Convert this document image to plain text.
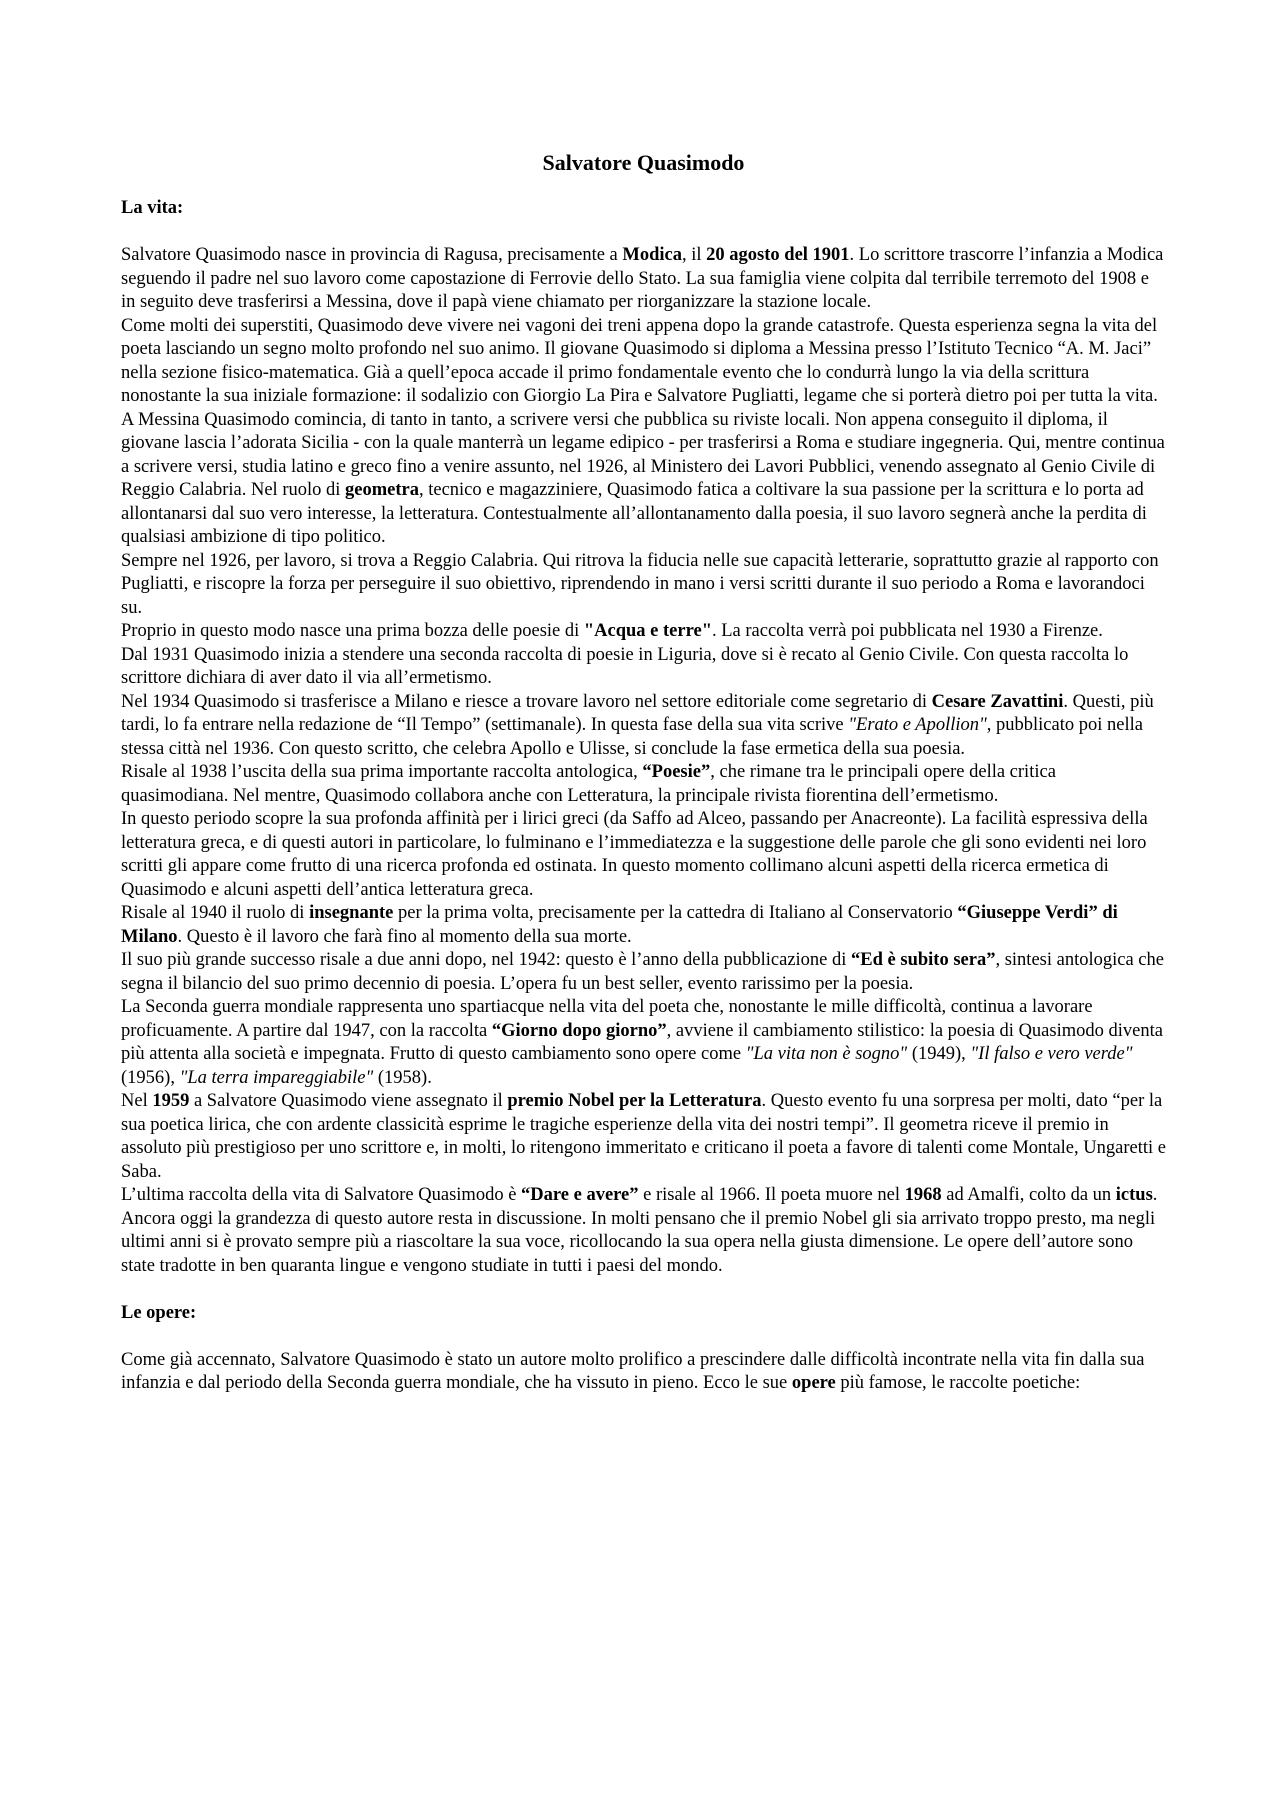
Salvatore Quasimodo

La vita:

Salvatore Quasimodo nasce in provincia di Ragusa, precisamente a Modica, il 20 agosto del 1901. Lo scrittore trascorre l’infanzia a Modica seguendo il padre nel suo lavoro come capostazione di Ferrovie dello Stato. La sua famiglia viene colpita dal terribile terremoto del 1908 e in seguito deve trasferirsi a Messina, dove il papà viene chiamato per riorganizzare la stazione locale.

Come molti dei superstiti, Quasimodo deve vivere nei vagoni dei treni appena dopo la grande catastrofe. Questa esperienza segna la vita del poeta lasciando un segno molto profondo nel suo animo. Il giovane Quasimodo si diploma a Messina presso l’Istituto Tecnico “A. M. Jaci” nella sezione fisico-matematica. Già a quell’epoca accade il primo fondamentale evento che lo condurrà lungo la via della scrittura nonostante la sua iniziale formazione: il sodalizio con Giorgio La Pira e Salvatore Pugliatti, legame che si porterà dietro poi per tutta la vita.

A Messina Quasimodo comincia, di tanto in tanto, a scrivere versi che pubblica su riviste locali. Non appena conseguito il diploma, il giovane lascia l’adorata Sicilia - con la quale manterrà un legame edipico - per trasferirsi a Roma e studiare ingegneria. Qui, mentre continua a scrivere versi, studia latino e greco fino a venire assunto, nel 1926, al Ministero dei Lavori Pubblici, venendo assegnato al Genio Civile di Reggio Calabria. Nel ruolo di geometra, tecnico e magazziniere, Quasimodo fatica a coltivare la sua passione per la scrittura e lo porta ad allontanarsi dal suo vero interesse, la letteratura. Contestualmente all’allontanamento dalla poesia, il suo lavoro segnerà anche la perdita di qualsiasi ambizione di tipo politico.

Sempre nel 1926, per lavoro, si trova a Reggio Calabria. Qui ritrova la fiducia nelle sue capacità letterarie, soprattutto grazie al rapporto con Pugliatti, e riscopre la forza per perseguire il suo obiettivo, riprendendo in mano i versi scritti durante il suo periodo a Roma e lavorandoci su.

Proprio in questo modo nasce una prima bozza delle poesie di "Acqua e terre". La raccolta verrà poi pubblicata nel 1930 a Firenze.

Dal 1931 Quasimodo inizia a stendere una seconda raccolta di poesie in Liguria, dove si è recato al Genio Civile. Con questa raccolta lo scrittore dichiara di aver dato il via all’ermetismo.

Nel 1934 Quasimodo si trasferisce a Milano e riesce a trovare lavoro nel settore editoriale come segretario di Cesare Zavattini. Questi, più tardi, lo fa entrare nella redazione de “Il Tempo” (settimanale). In questa fase della sua vita scrive "Erato e Apollion", pubblicato poi nella stessa città nel 1936. Con questo scritto, che celebra Apollo e Ulisse, si conclude la fase ermetica della sua poesia.

Risale al 1938 l’uscita della sua prima importante raccolta antologica, “Poesie”, che rimane tra le principali opere della critica quasimodiana. Nel mentre, Quasimodo collabora anche con Letteratura, la principale rivista fiorentina dell’ermetismo.

In questo periodo scopre la sua profonda affinità per i lirici greci (da Saffo ad Alceo, passando per Anacreonte). La facilità espressiva della letteratura greca, e di questi autori in particolare, lo fulminano e l’immediatezza e la suggestione delle parole che gli sono evidenti nei loro scritti gli appare come frutto di una ricerca profonda ed ostinata. In questo momento collimano alcuni aspetti della ricerca ermetica di Quasimodo e alcuni aspetti dell’antica letteratura greca.

Risale al 1940 il ruolo di insegnante per la prima volta, precisamente per la cattedra di Italiano al Conservatorio “Giuseppe Verdi” di Milano. Questo è il lavoro che farà fino al momento della sua morte.

Il suo più grande successo risale a due anni dopo, nel 1942: questo è l’anno della pubblicazione di “Ed è subito sera”, sintesi antologica che segna il bilancio del suo primo decennio di poesia. L’opera fu un best seller, evento rarissimo per la poesia.

La Seconda guerra mondiale rappresenta uno spartiacque nella vita del poeta che, nonostante le mille difficoltà, continua a lavorare proficuamente. A partire dal 1947, con la raccolta “Giorno dopo giorno”, avviene il cambiamento stilistico: la poesia di Quasimodo diventa più attenta alla società e impegnata. Frutto di questo cambiamento sono opere come "La vita non è sogno" (1949), "Il falso e vero verde"(1956), "La terra impareggiabile" (1958).

Nel 1959 a Salvatore Quasimodo viene assegnato il premio Nobel per la Letteratura. Questo evento fu una sorpresa per molti, dato “per la sua poetica lirica, che con ardente classicità esprime le tragiche esperienze della vita dei nostri tempi”. Il geometra riceve il premio in assoluto più prestigioso per uno scrittore e, in molti, lo ritengono immeritato e criticano il poeta a favore di talenti come Montale, Ungaretti e Saba.

L’ultima raccolta della vita di Salvatore Quasimodo è “Dare e avere” e risale al 1966. Il poeta muore nel 1968 ad Amalfi, colto da un ictus.

Ancora oggi la grandezza di questo autore resta in discussione. In molti pensano che il premio Nobel gli sia arrivato troppo presto, ma negli ultimi anni si è provato sempre più a riascoltare la sua voce, ricollocando la sua opera nella giusta dimensione. Le opere dell’autore sono state tradotte in ben quaranta lingue e vengono studiate in tutti i paesi del mondo.

Le opere:

Come già accennato, Salvatore Quasimodo è stato un autore molto prolifico a prescindere dalle difficoltà incontrate nella vita fin dalla sua infanzia e dal periodo della Seconda guerra mondiale, che ha vissuto in pieno. Ecco le sue opere più famose, le raccolte poetiche:
